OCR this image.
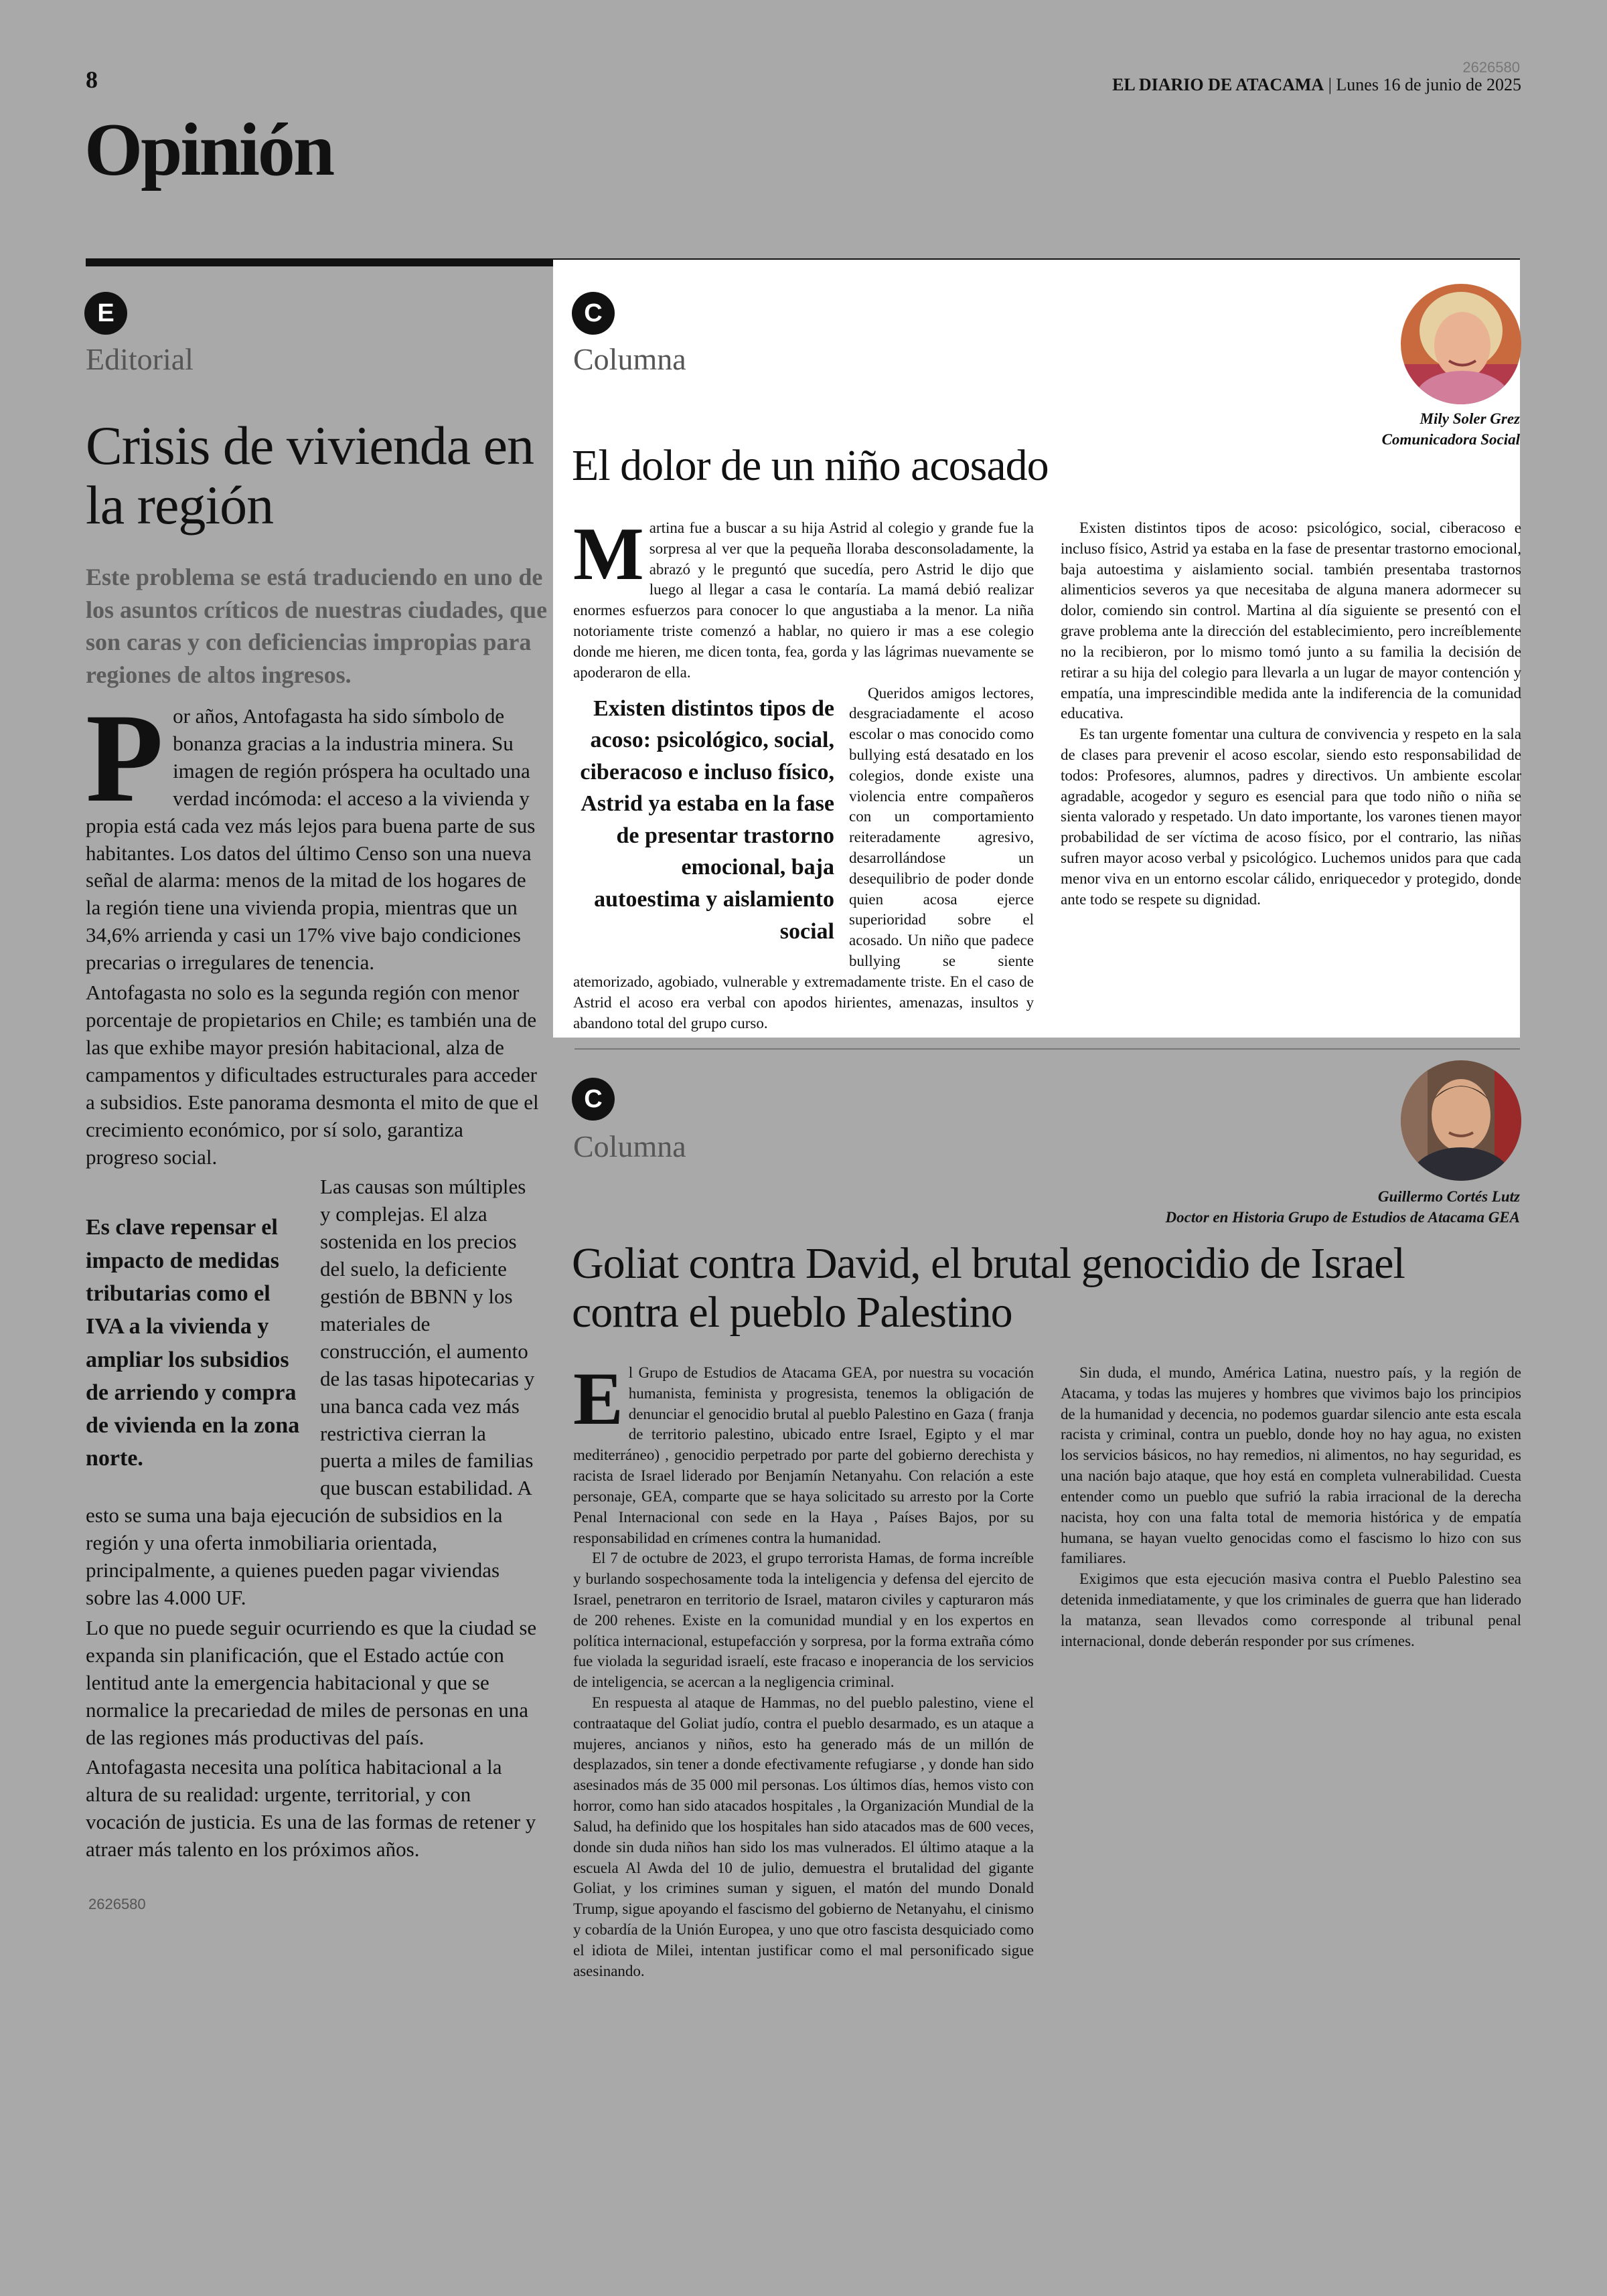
8	2626580
EL DIARIO DE ATACAMA | Lunes 16 de junio de 2025
Opinión
E
Editorial
Crisis de vivienda en la región
Este problema se está traduciendo en uno de los asuntos críticos de nuestras ciudades, que son caras y con deficiencias impropias para regiones de altos ingresos.

Por años, Antofagasta ha sido símbolo de bonanza gracias a la industria minera. Su imagen de región próspera ha ocultado una verdad incómoda: el acceso a la vivienda y propia está cada vez más lejos para buena parte de sus habitantes. Los datos del último Censo son una nueva señal de alarma: menos de la mitad de los hogares de la región tiene una vivienda propia, mientras que un 34,6% arrienda y casi un 17% vive bajo condiciones precarias o irregulares de tenencia.

Antofagasta no solo es la segunda región con menor porcentaje de propietarios en Chile; es también una de las que exhibe mayor presión habitacional, alza de campamentos y dificultades estructurales para acceder a subsidios. Este panorama desmonta el mito de que el crecimiento económico, por sí solo, garantiza progreso social.

Es clave repensar el impacto de medidas tributarias como el IVA a la vivienda y ampliar los subsidios de arriendo y compra de vivienda en la zona norte.

Las causas son múltiples y complejas. El alza sostenida en los precios del suelo, la deficiente gestión de BBNN y los materiales de construcción, el aumento de las tasas hipotecarias y una banca cada vez más restrictiva cierran la puerta a miles de familias que buscan estabilidad. A esto se suma una baja ejecución de subsidios en la región y una oferta inmobiliaria orientada, principalmente, a quienes pueden pagar viviendas sobre las 4.000 UF.

Lo que no puede seguir ocurriendo es que la ciudad se expanda sin planificación, que el Estado actúe con lentitud ante la emergencia habitacional y que se normalice la precariedad de miles de personas en una de las regiones más productivas del país.

Antofagasta necesita una política habitacional a la altura de su realidad: urgente, territorial, y con vocación de justicia. Es una de las formas de retener y atraer más talento en los próximos años.

2626580
C
Columna
Mily Soler Grez
Comunicadora Social
El dolor de un niño acosado

Martina fue a buscar a su hija Astrid al colegio y grande fue la sorpresa al ver que la pequeña lloraba desconsoladamente, la abrazó y le preguntó que sucedía, pero Astrid le dijo que luego al llegar a casa le contaría. La mamá debió realizar enormes esfuerzos para conocer lo que angustiaba a la menor. La niña notoriamente triste comenzó a hablar, no quiero ir mas a ese colegio donde me hieren, me dicen tonta, fea, gorda y las lágrimas nuevamente se apoderaron de ella.

Existen distintos tipos de acoso: psicológico, social, ciberacoso e incluso físico, Astrid ya estaba en la fase de presentar trastorno emocional, baja autoestima y aislamiento social

Queridos amigos lectores, desgraciadamente el acoso escolar o mas conocido como bullying está desatado en los colegios, donde existe una violencia entre compañeros con un comportamiento reiteradamente agresivo, desarrollándose un desequilibrio de poder donde quien acosa ejerce superioridad sobre el acosado. Un niño que padece bullying se siente atemorizado, agobiado, vulnerable y extremadamente triste. En el caso de Astrid el acoso era verbal con apodos hirientes, amenazas, insultos y abandono total del grupo curso.

Existen distintos tipos de acoso: psicológico, social, ciberacoso e incluso físico, Astrid ya estaba en la fase de presentar trastorno emocional, baja autoestima y aislamiento social. también presentaba trastornos alimenticios severos ya que necesitaba de alguna manera adormecer su dolor, comiendo sin control. Martina al día siguiente se presentó con el grave problema ante la dirección del establecimiento, pero increíblemente no la recibieron, por lo mismo tomó junto a su familia la decisión de retirar a su hija del colegio para llevarla a un lugar de mayor contención y empatía, una imprescindible medida ante la indiferencia de la comunidad educativa.

Es tan urgente fomentar una cultura de convivencia y respeto en la sala de clases para prevenir el acoso escolar, siendo esto responsabilidad de todos: Profesores, alumnos, padres y directivos. Un ambiente escolar agradable, acogedor y seguro es esencial para que todo niño o niña se sienta valorado y respetado. Un dato importante, los varones tienen mayor probabilidad de ser víctima de acoso físico, por el contrario, las niñas sufren mayor acoso verbal y psicológico. Luchemos unidos para que cada menor viva en un entorno escolar cálido, enriquecedor y protegido, donde ante todo se respete su dignidad.

C
Columna
Guillermo Cortés Lutz
Doctor en Historia Grupo de Estudios de Atacama GEA
Goliat contra David, el brutal genocidio de Israel contra el pueblo Palestino

El Grupo de Estudios de Atacama GEA, por nuestra su vocación humanista, feminista y progresista, tenemos la obligación de denunciar el genocidio brutal al pueblo Palestino en Gaza ( franja de territorio palestino, ubicado entre Israel, Egipto y el mar mediterráneo) , genocidio perpetrado por parte del gobierno derechista y racista de Israel liderado por Benjamín Netanyahu. Con relación a este personaje, GEA, comparte que se haya solicitado su arresto por la Corte Penal Internacional con sede en la Haya , Países Bajos, por su responsabilidad en crímenes contra la humanidad.

El 7 de octubre de 2023, el grupo terrorista Hamas, de forma increíble y burlando sospechosamente toda la inteligencia y defensa del ejercito de Israel, penetraron en territorio de Israel, mataron civiles y capturaron más de 200 rehenes. Existe en la comunidad mundial y en los expertos en política internacional, estupefacción y sorpresa, por la forma extraña cómo fue violada la seguridad israelí, este fracaso e inoperancia de los servicios de inteligencia, se acercan a la negligencia criminal.

En respuesta al ataque de Hammas, no del pueblo palestino, viene el contraataque del Goliat judío, contra el pueblo desarmado, es un ataque a mujeres, ancianos y niños, esto ha generado más de un millón de desplazados, sin tener a donde efectivamente refugiarse , y donde han sido asesinados más de 35 000 mil personas. Los últimos días, hemos visto con horror, como han sido atacados hospitales , la Organización Mundial de la Salud, ha definido que los hospitales han sido atacados mas de 600 veces, donde sin duda niños han sido los mas vulnerados. El último ataque a la escuela Al Awda del 10 de julio, demuestra el brutalidad del gigante Goliat, y los crimines suman y siguen, el matón del mundo Donald Trump, sigue apoyando el fascismo del gobierno de Netanyahu, el cinismo y cobardía de la Unión Europea, y uno que otro fascista desquiciado como el idiota de Milei, intentan justificar como el mal personificado sigue asesinando.

Sin duda, el mundo, América Latina, nuestro país, y la región de Atacama, y todas las mujeres y hombres que vivimos bajo los principios de la humanidad y decencia, no podemos guardar silencio ante esta escala racista y criminal, contra un pueblo, donde hoy no hay agua, no existen los servicios básicos, no hay remedios, ni alimentos, no hay seguridad, es una nación bajo ataque, que hoy está en completa vulnerabilidad. Cuesta entender como un pueblo que sufrió la rabia irracional de la derecha nacista, hoy con una falta total de memoria histórica y de empatía humana, se hayan vuelto genocidas como el fascismo lo hizo con sus familiares.

Exigimos que esta ejecución masiva contra el Pueblo Palestino sea detenida inmediatamente, y que los criminales de guerra que han liderado la matanza, sean llevados como corresponde al tribunal penal internacional, donde deberán responder por sus crímenes.
